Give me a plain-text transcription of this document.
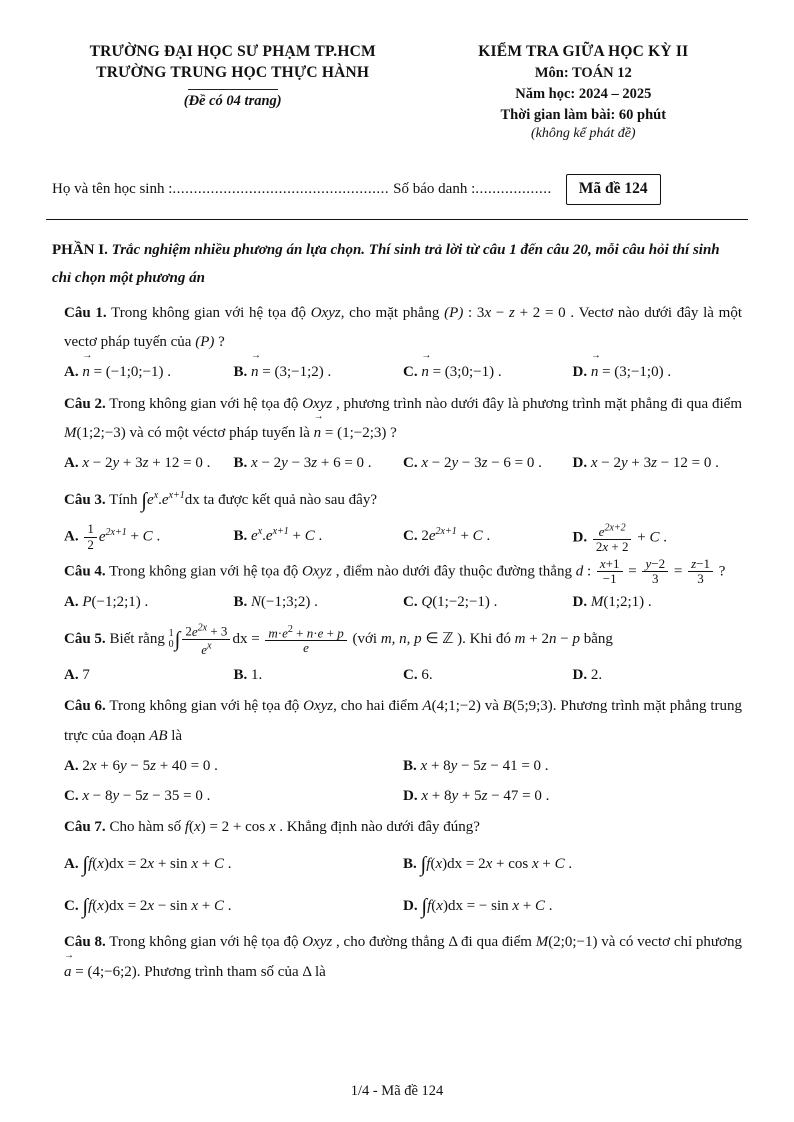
TRƯỜNG ĐẠI HỌC SƯ PHẠM TP.HCM
TRƯỜNG TRUNG HỌC THỰC HÀNH
(Đề có 04 trang)
KIỂM TRA GIỮA HỌC KỲ II
Môn: TOÁN 12
Năm học: 2024 – 2025
Thời gian làm bài: 60 phút
(không kể phát đề)
Họ và tên học sinh : ................................................... Số báo danh : ..................	Mã đề 124
PHẦN I. Trắc nghiệm nhiều phương án lựa chọn. Thí sinh trả lời từ câu 1 đến câu 20, mỗi câu hỏi thí sinh chỉ chọn một phương án
Câu 1. Trong không gian với hệ tọa độ Oxyz, cho mặt phẳng (P) : 3x − z + 2 = 0 . Vectơ nào dưới đây là một vectơ pháp tuyến của (P) ?
A. n → = (−1;0;−1) .	B. n → = (3;−1;2) .	C. n → = (3;0;−1) .	D. n → = (3;−1;0) .
Câu 2. Trong không gian với hệ tọa độ Oxyz , phương trình nào dưới đây là phương trình mặt phẳng đi qua điểm M(1;2;−3) và có một véctơ pháp tuyến là n → = (1;−2;3) ?
A. x − 2y + 3z + 12 = 0 .	B. x − 2y − 3z + 6 = 0 .	C. x − 2y − 3z − 6 = 0 .	D. x − 2y + 3z − 12 = 0 .
Câu 3. Tính $\int e^x.e^{x+1}dx$ ta được kết quả nào sau đây?
A. $\frac{1}{2} e^{2x+1} + C$ .	B. $e^x.e^{x+1} + C$ .	C. $2e^{2x+1} + C$ .	D. $\frac{e^{2x+2}}{2x + 2} + C$ .
Câu 4. Trong không gian với hệ tọa độ Oxyz , điểm nào dưới đây thuộc đường thẳng d : $\frac{x+1}{-1} = \frac{y-2}{3} = \frac{z-1}{3}$ ?
A. P(−1;2;1) .	B. N(−1;3;2) .	C. Q(1;−2;−1) .	D. M(1;2;1) .
Câu 5. Biết rằng 1
$0\int \frac{2e^{2x} + 3}{e^x}$ dx = $\frac{m\cdot e^2 + n\cdot e + p}{e}$ (với m, n, p ∈ ℤ ). Khi đó m + 2n − p bằng
A. 7	B. 1.	C. 6.	D. 2.
Câu 6. Trong không gian với hệ tọa độ Oxyz, cho hai điểm A(4;1;−2) và B(5;9;3). Phương trình mặt phẳng trung trực của đoạn AB là
A. 2x + 6y − 5z + 40 = 0 .	B. x + 8y − 5z − 41 = 0 .
C. x − 8y − 5z − 35 = 0 .	D. x + 8y + 5z − 47 = 0 .
Câu 7. Cho hàm số f(x) = 2 + cos x . Khẳng định nào dưới đây đúng?
A. ∫f(x)dx = 2x + sin x + C .	B. ∫f(x)dx = 2x + cos x + C .
C. ∫f(x)dx = 2x − sin x + C .	D. ∫f(x)dx = − sin x + C .
Câu 8. Trong không gian với hệ tọa độ Oxyz , cho đường thẳng Δ đi qua điểm M(2;0;−1) và có vectơ chỉ phương a → = (4;−6;2). Phương trình tham số của Δ là
1/4 - Mã đề 124
